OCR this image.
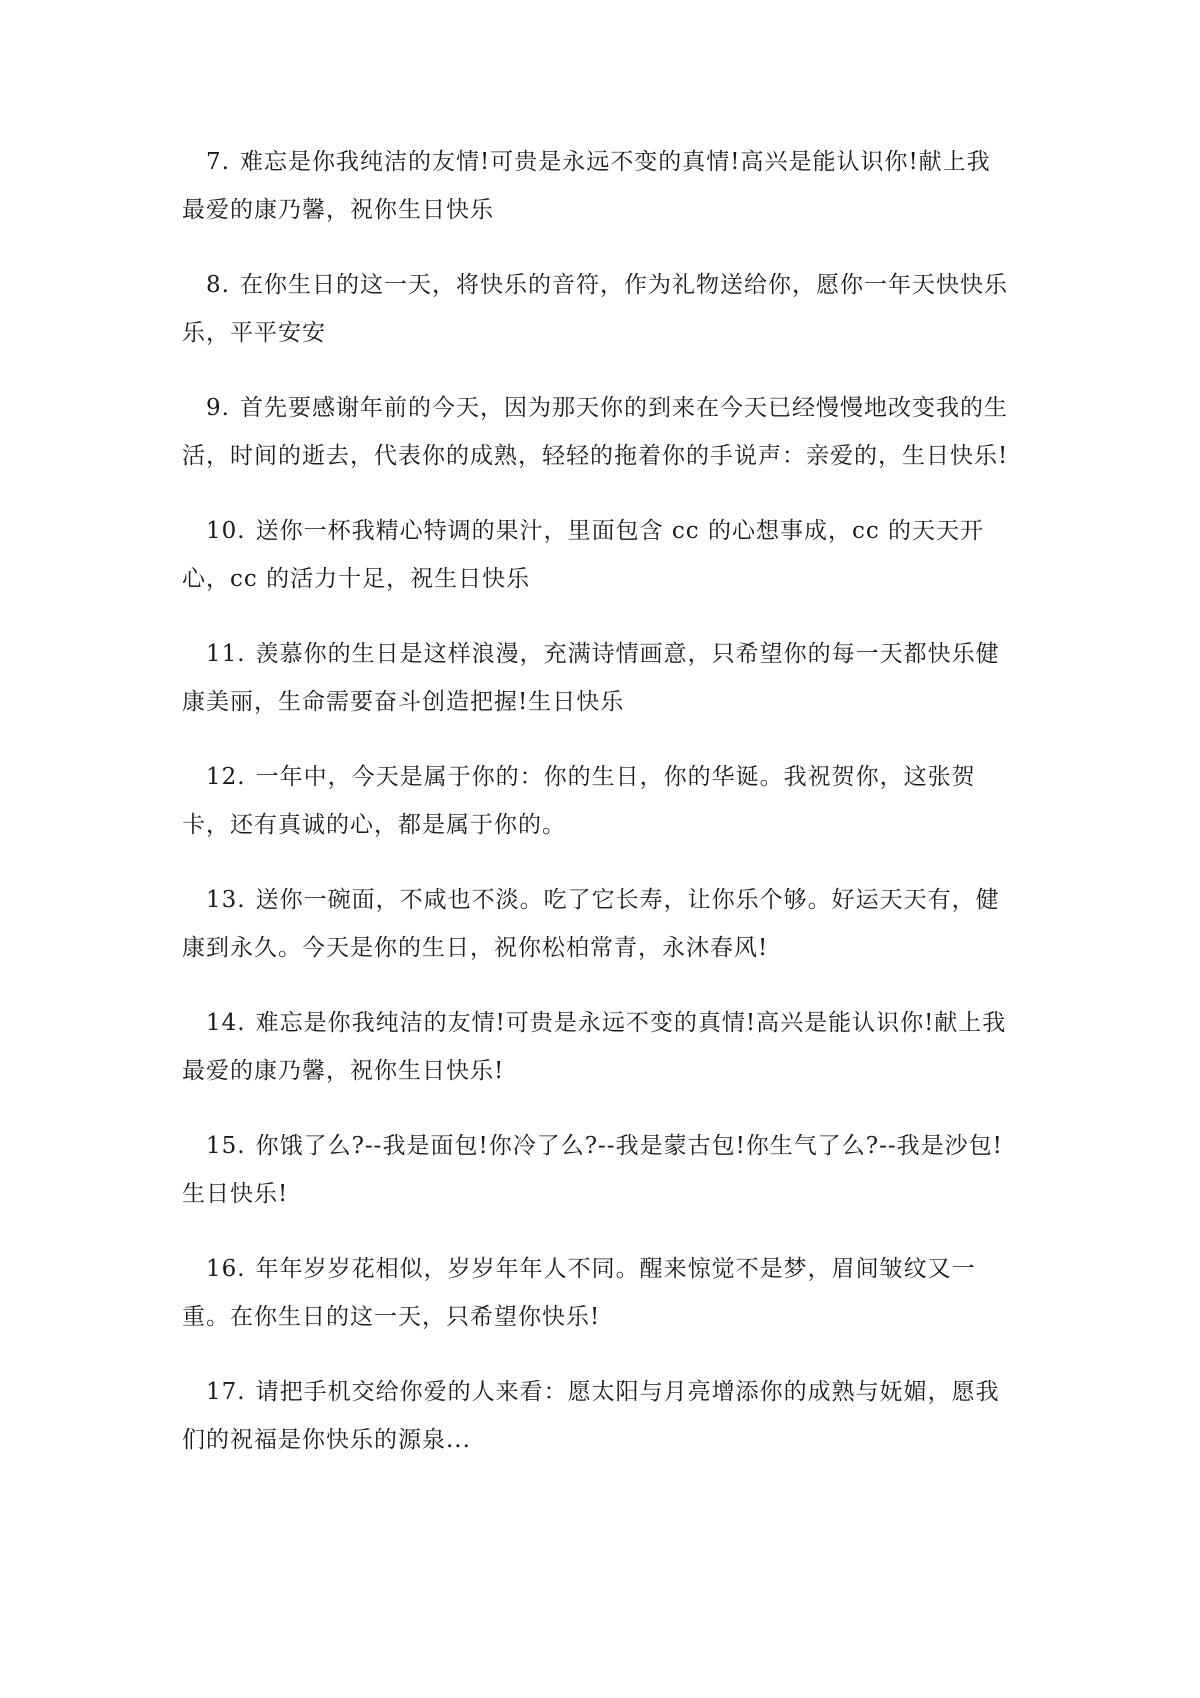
7. 难忘是你我纯洁的友情!可贵是永远不变的真情!高兴是能认识你!献上我
最爱的康乃馨，祝你生日快乐

8. 在你生日的这一天，将快乐的音符，作为礼物送给你，愿你一年天快快乐
乐，平平安安

9. 首先要感谢年前的今天，因为那天你的到来在今天已经慢慢地改变我的生
活，时间的逝去，代表你的成熟，轻轻的拖着你的手说声：亲爱的，生日快乐!

10. 送你一杯我精心特调的果汁，里面包含 cc 的心想事成，cc 的天天开
心，cc 的活力十足，祝生日快乐

11. 羡慕你的生日是这样浪漫，充满诗情画意，只希望你的每一天都快乐健
康美丽，生命需要奋斗创造把握!生日快乐

12. 一年中，今天是属于你的：你的生日，你的华诞。我祝贺你，这张贺
卡，还有真诚的心，都是属于你的。

13. 送你一碗面，不咸也不淡。吃了它长寿，让你乐个够。好运天天有，健
康到永久。今天是你的生日，祝你松柏常青，永沐春风!

14. 难忘是你我纯洁的友情!可贵是永远不变的真情!高兴是能认识你!献上我
最爱的康乃馨，祝你生日快乐!

15. 你饿了么?--我是面包!你冷了么?--我是蒙古包!你生气了么?--我是沙包!
生日快乐!

16. 年年岁岁花相似，岁岁年年人不同。醒来惊觉不是梦，眉间皱纹又一
重。在你生日的这一天，只希望你快乐!

17. 请把手机交给你爱的人来看：愿太阳与月亮增添你的成熟与妩媚，愿我
们的祝福是你快乐的源泉...
